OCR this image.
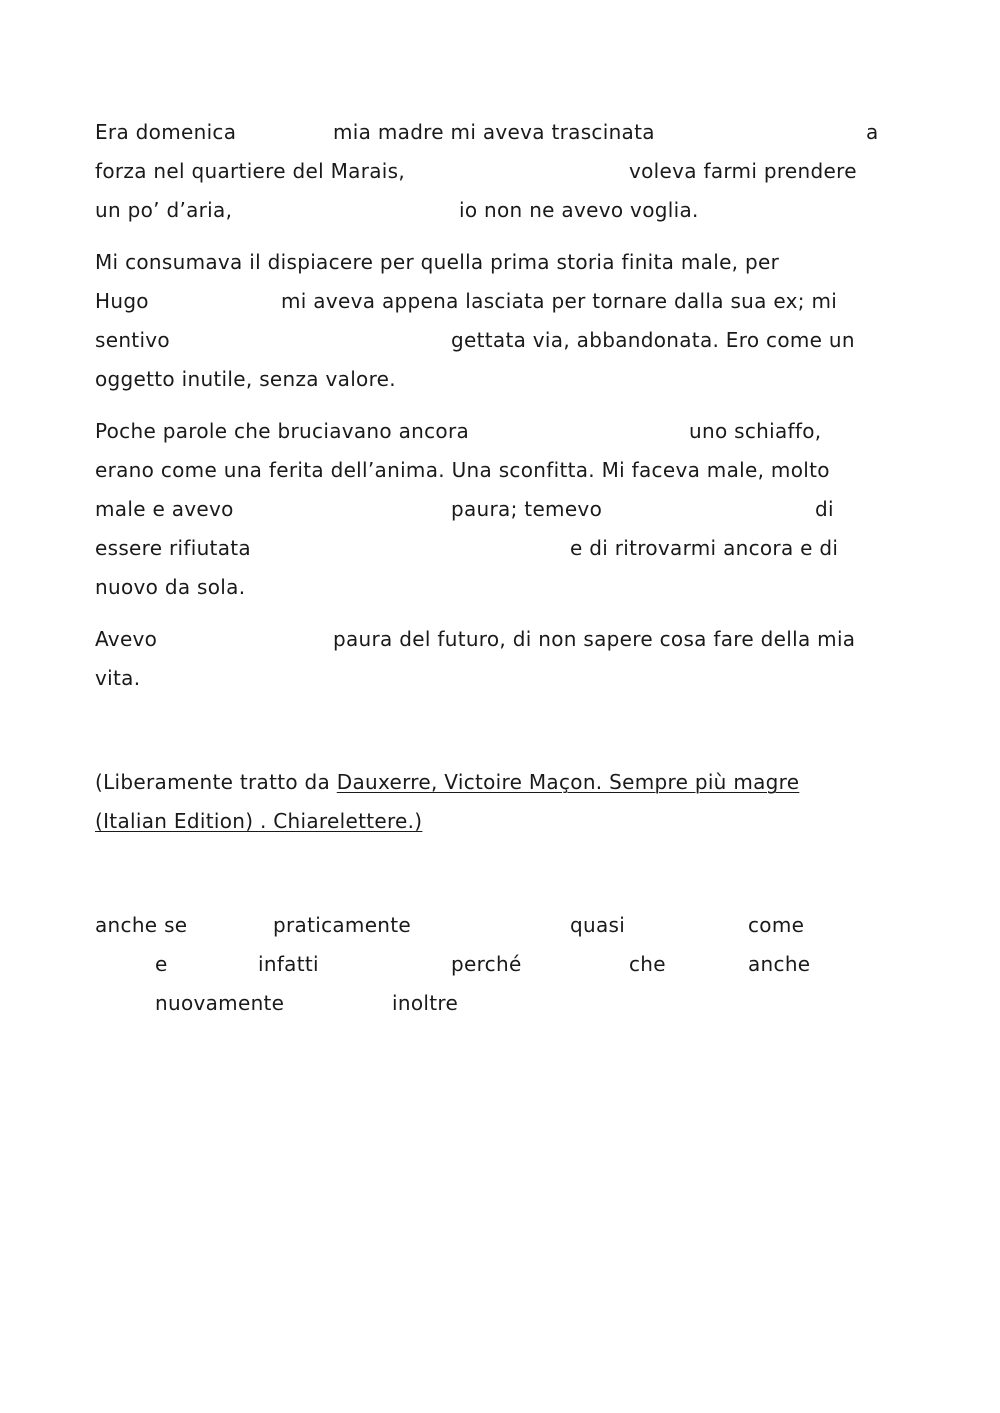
Era domenica	mia madre mi aveva trascinata	a
forza nel quartiere del Marais,	voleva farmi prendere
un po’ d’aria,	io non ne avevo voglia.
Mi consumava il dispiacere per quella prima storia finita male, per
Hugo	mi aveva appena lasciata per tornare dalla sua ex; mi
sentivo	gettata via, abbandonata. Ero come un
oggetto inutile, senza valore.
Poche parole che bruciavano ancora	uno schiaffo,
erano come una ferita dell’anima. Una sconfitta. Mi faceva male, molto
male e avevo	paura; temevo	di
essere rifiutata	e di ritrovarmi ancora e di
nuovo da sola.
Avevo	paura del futuro, di non sapere cosa fare della mia
vita.
(Liberamente tratto da Dauxerre, Victoire Maçon. Sempre più magre
(Italian Edition) . Chiarelettere.)
anche se	praticamente	quasi	come
e	infatti	perché	che	anche
nuovamente	inoltre
